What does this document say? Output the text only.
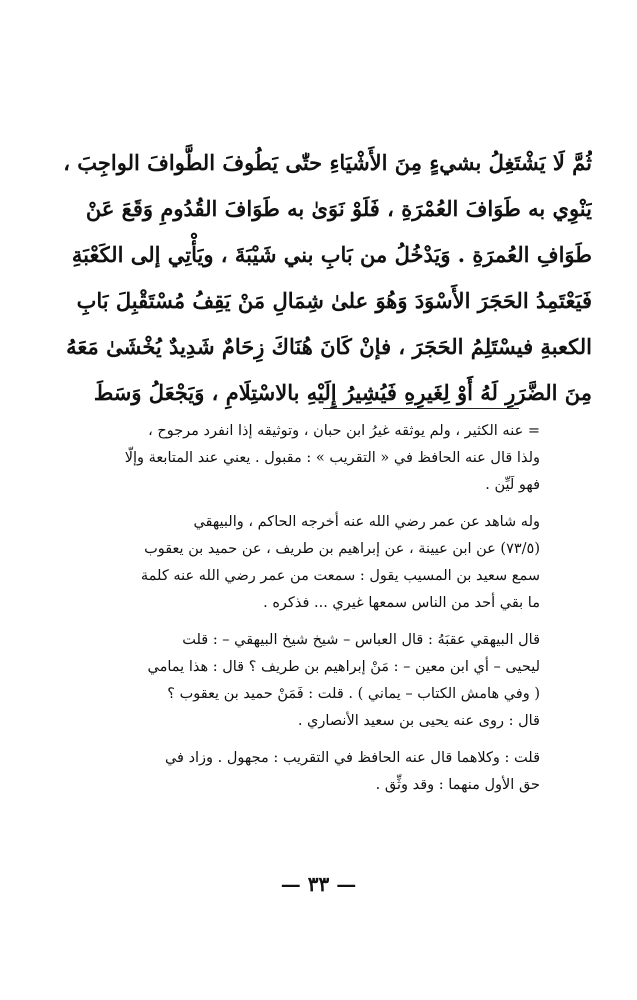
ثُمَّ لَا يَشْتَغِلُ بشيءٍ مِنَ الأَشْيَاءِ حتّٰى يَطُوفَ الطَّوافَ الواجِبَ ،
يَنْوِي به طَوَافَ العُمْرَةِ ، فَلَوْ نَوَىٰ به طَوَافَ القُدُومِ وَقَعَ عَنْ
طَوَافِ العُمرَةِ . وَيَدْخُلُ من بَابِ بني شَيْبَةَ ، ويَأْتِي إلى الكَعْبَةِ
فَيَعْتَمِدُ الحَجَرَ الأَسْوَدَ وَهُوَ علىٰ شِمَالِ مَنْ يَقِفُ مُسْتَقْبِلَ بَابِ
الكعبةِ فيسْتَلِمُ الحَجَرَ ، فإنْ كَانَ هُنَاكَ زِحَامٌ شَدِيدٌ يُخْشَىٰ مَعَهُ
مِنَ الضَّرَرِ لَهُ أَوْ لِغَيرِهِ فَيُشِيرُ إِلَيْهِ بالاسْتِلَامِ ، وَيَجْعَلُ وَسَطَ
= عنه الكثير ، ولم يوثقه غيرُ ابن حبان ، وتوثيقه إذا انفرد مرجوح ،
ولذا قال عنه الحافظ في « التقريب » : مقبول . يعني عند المتابعة وإلّا
فهو لَيِّن .
وله شاهد عن عمر رضي الله عنه أخرجه الحاكم ، والبيهقي
(٧٣/٥) عن ابن عيينة ، عن إبراهيم بن طريف ، عن حميد بن يعقوب
سمع سعيد بن المسيب يقول : سمعت من عمر رضي الله عنه كلمة
ما بقي أحد من الناس سمعها غيري ... فذكره .
قال البيهقي عقبَهُ : قال العباس – شيخ شيخ البيهقي – : قلت
ليحيى – أي ابن معين – : مَنْ إبراهيم بن طريف ؟ قال : هذا يمامي
( وفي هامش الكتاب – يماني ) . قلت : فَمَنْ حميد بن يعقوب ؟
قال : روى عنه يحيى بن سعيد الأنصاري .
قلت : وكلاهما قال عنه الحافظ في التقريب : مجهول . وزاد في
حق الأول منهما : وقد وثِّق .
— ٣٣ —
